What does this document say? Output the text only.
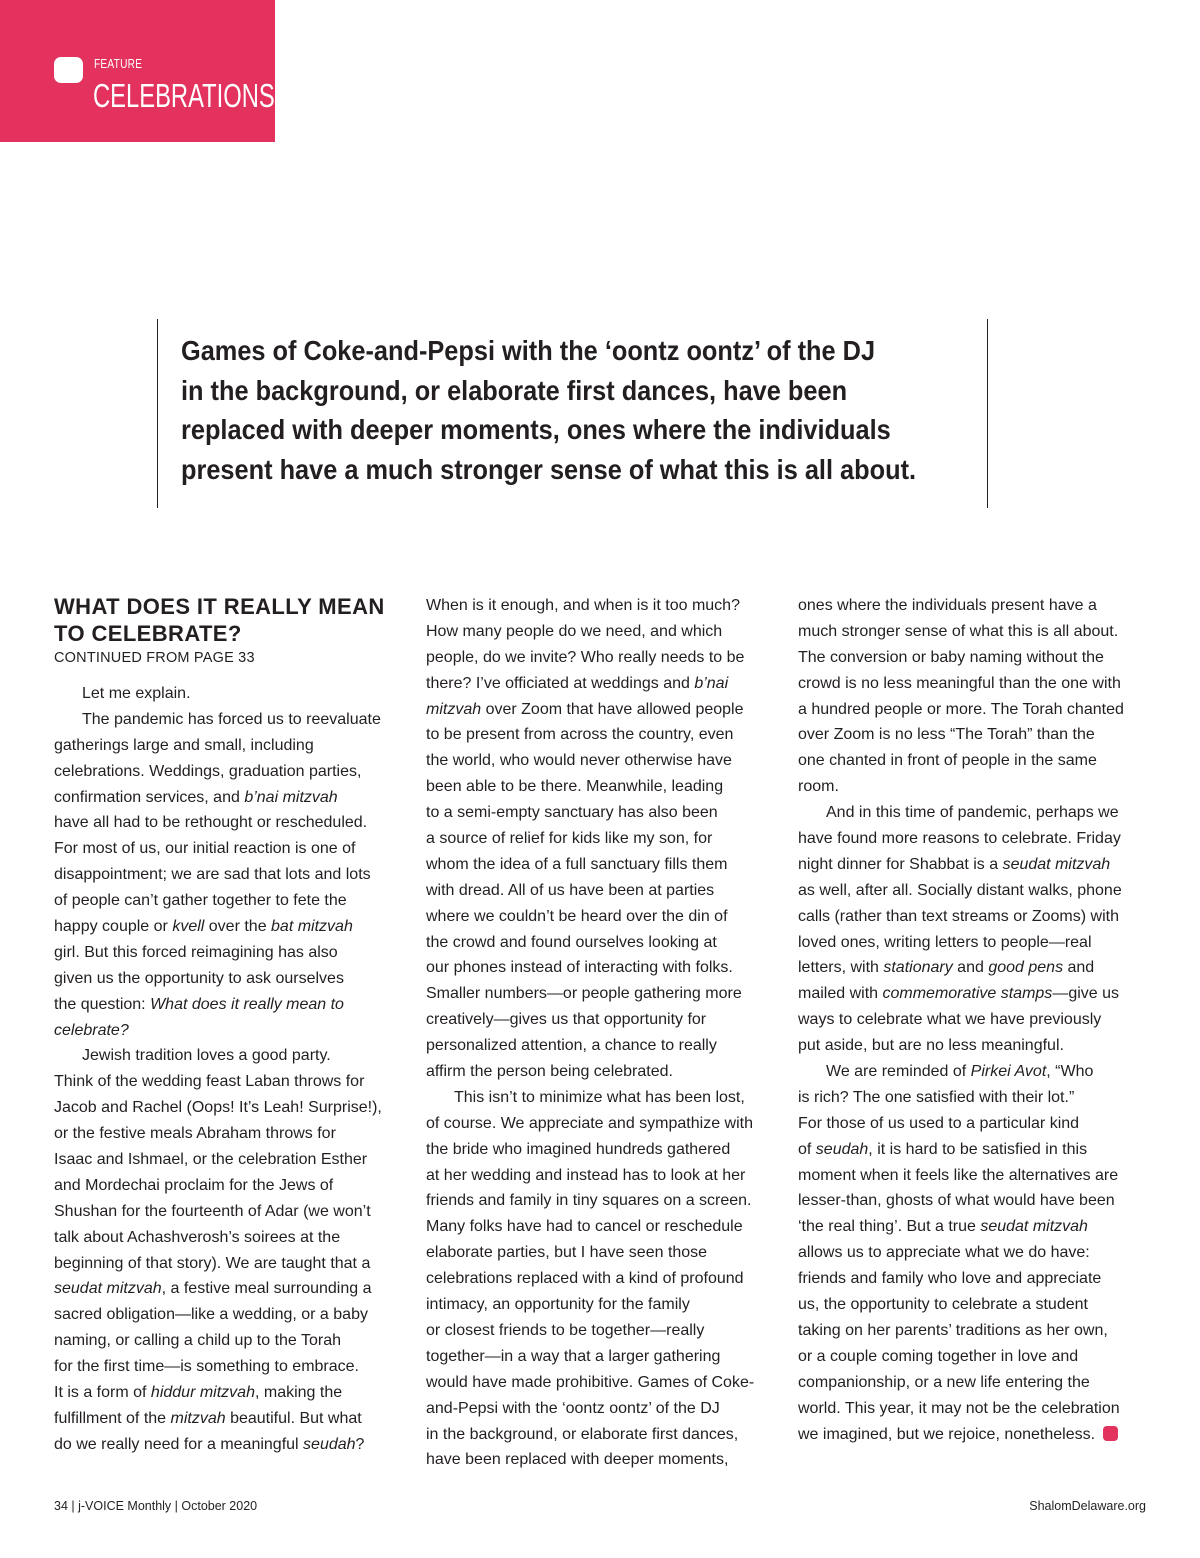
FEATURE
CELEBRATIONS

Games of Coke-and-Pepsi with the ‘oontz oontz’ of the DJ
in the background, or elaborate first dances, have been
replaced with deeper moments, ones where the individuals
present have a much stronger sense of what this is all about.

WHAT DOES IT REALLY MEAN TO CELEBRATE?
CONTINUED FROM PAGE 33
Let me explain.
The pandemic has forced us to reevaluate
gatherings large and small, including
celebrations. Weddings, graduation parties,
confirmation services, and b’nai mitzvah
have all had to be rethought or rescheduled.
For most of us, our initial reaction is one of
disappointment; we are sad that lots and lots
of people can’t gather together to fete the
happy couple or kvell over the bat mitzvah
girl. But this forced reimagining has also
given us the opportunity to ask ourselves
the question: What does it really mean to
celebrate?
Jewish tradition loves a good party.
Think of the wedding feast Laban throws for
Jacob and Rachel (Oops! It’s Leah! Surprise!),
or the festive meals Abraham throws for
Isaac and Ishmael, or the celebration Esther
and Mordechai proclaim for the Jews of
Shushan for the fourteenth of Adar (we won’t
talk about Achashverosh’s soirees at the
beginning of that story). We are taught that a
seudat mitzvah, a festive meal surrounding a
sacred obligation—like a wedding, or a baby
naming, or calling a child up to the Torah
for the first time—is something to embrace.
It is a form of hiddur mitzvah, making the
fulfillment of the mitzvah beautiful. But what
do we really need for a meaningful seudah?
When is it enough, and when is it too much?
How many people do we need, and which
people, do we invite? Who really needs to be
there? I’ve officiated at weddings and b’nai
mitzvah over Zoom that have allowed people
to be present from across the country, even
the world, who would never otherwise have
been able to be there. Meanwhile, leading
to a semi-empty sanctuary has also been
a source of relief for kids like my son, for
whom the idea of a full sanctuary fills them
with dread. All of us have been at parties
where we couldn’t be heard over the din of
the crowd and found ourselves looking at
our phones instead of interacting with folks.
Smaller numbers—or people gathering more
creatively—gives us that opportunity for
personalized attention, a chance to really
affirm the person being celebrated.
This isn’t to minimize what has been lost,
of course. We appreciate and sympathize with
the bride who imagined hundreds gathered
at her wedding and instead has to look at her
friends and family in tiny squares on a screen.
Many folks have had to cancel or reschedule
elaborate parties, but I have seen those
celebrations replaced with a kind of profound
intimacy, an opportunity for the family
or closest friends to be together—really
together—in a way that a larger gathering
would have made prohibitive. Games of Coke-
and-Pepsi with the ‘oontz oontz’ of the DJ
in the background, or elaborate first dances,
have been replaced with deeper moments,
ones where the individuals present have a
much stronger sense of what this is all about.
The conversion or baby naming without the
crowd is no less meaningful than the one with
a hundred people or more. The Torah chanted
over Zoom is no less “The Torah” than the
one chanted in front of people in the same
room.
And in this time of pandemic, perhaps we
have found more reasons to celebrate. Friday
night dinner for Shabbat is a seudat mitzvah
as well, after all. Socially distant walks, phone
calls (rather than text streams or Zooms) with
loved ones, writing letters to people—real
letters, with stationary and good pens and
mailed with commemorative stamps—give us
ways to celebrate what we have previously
put aside, but are no less meaningful.
We are reminded of Pirkei Avot, “Who
is rich? The one satisfied with their lot.”
For those of us used to a particular kind
of seudah, it is hard to be satisfied in this
moment when it feels like the alternatives are
lesser-than, ghosts of what would have been
‘the real thing’. But a true seudat mitzvah
allows us to appreciate what we do have:
friends and family who love and appreciate
us, the opportunity to celebrate a student
taking on her parents’ traditions as her own,
or a couple coming together in love and
companionship, or a new life entering the
world. This year, it may not be the celebration
we imagined, but we rejoice, nonetheless.
34 | j-VOICE Monthly | October 2020	ShalomDelaware.org
